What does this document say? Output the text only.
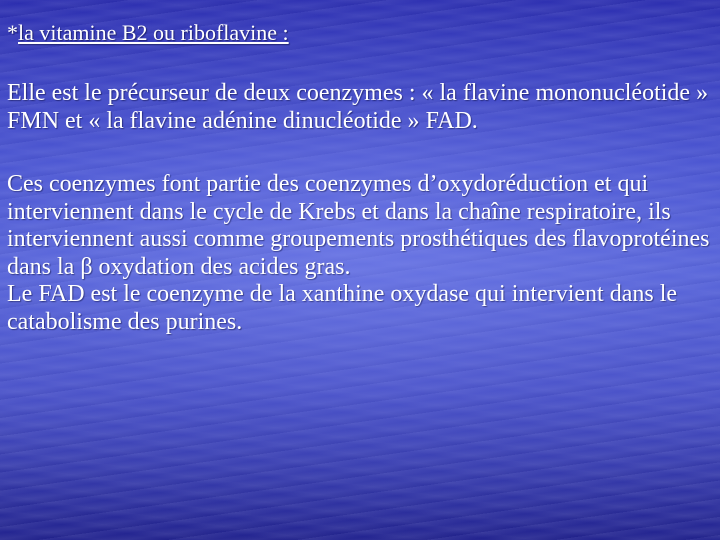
*la vitamine B2 ou riboflavine :

Elle est le précurseur de deux coenzymes : « la flavine mononucléotide » FMN et « la flavine adénine dinucléotide » FAD.

Ces coenzymes font partie des coenzymes d’oxydoréduction et qui interviennent dans le cycle de Krebs et dans la chaîne respiratoire, ils interviennent aussi comme groupements prosthétiques des flavoprotéines dans la β oxydation des acides gras.

Le FAD est le coenzyme de la xanthine oxydase qui intervient dans le catabolisme des purines.
